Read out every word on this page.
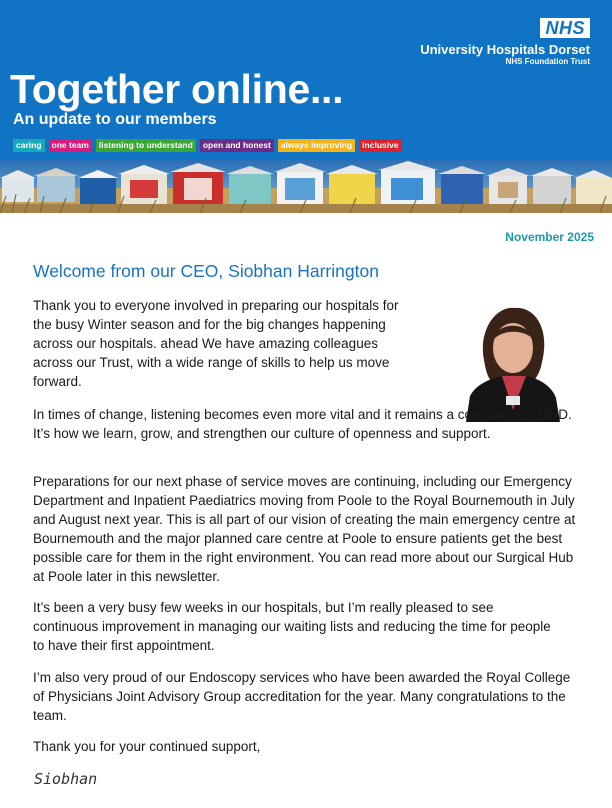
NHS
University Hospitals Dorset
NHS Foundation Trust
Together online...
An update to our members
caring	one team	listening to understand	open and honest	always improving	inclusive
November 2025
Welcome from our CEO, Siobhan Harrington

Thank you to everyone involved in preparing our hospitals for the busy Winter season and for the big changes happening across our hospitals. ahead We have amazing colleagues across our Trust, with a wide range of skills to help us move forward.

In times of change, listening becomes even more vital and it remains a core value at UHD. It’s how we learn, grow, and strengthen our culture of openness and support.

Preparations for our next phase of service moves are continuing, including our Emergency Department and Inpatient Paediatrics moving from Poole to the Royal Bournemouth in July and August next year. This is all part of our vision of creating the main emergency centre at Bournemouth and the major planned care centre at Poole to ensure patients get the best possible care for them in the right environment. You can read more about our Surgical Hub at Poole later in this newsletter.

It’s been a very busy few weeks in our hospitals, but I’m really pleased to see continuous improvement in managing our waiting lists and reducing the time for people to have their first appointment.

I’m also very proud of our Endoscopy services who have been awarded the Royal College of Physicians Joint Advisory Group accreditation for the year. Many congratulations to the team.

Thank you for your continued support,

Siobhan
